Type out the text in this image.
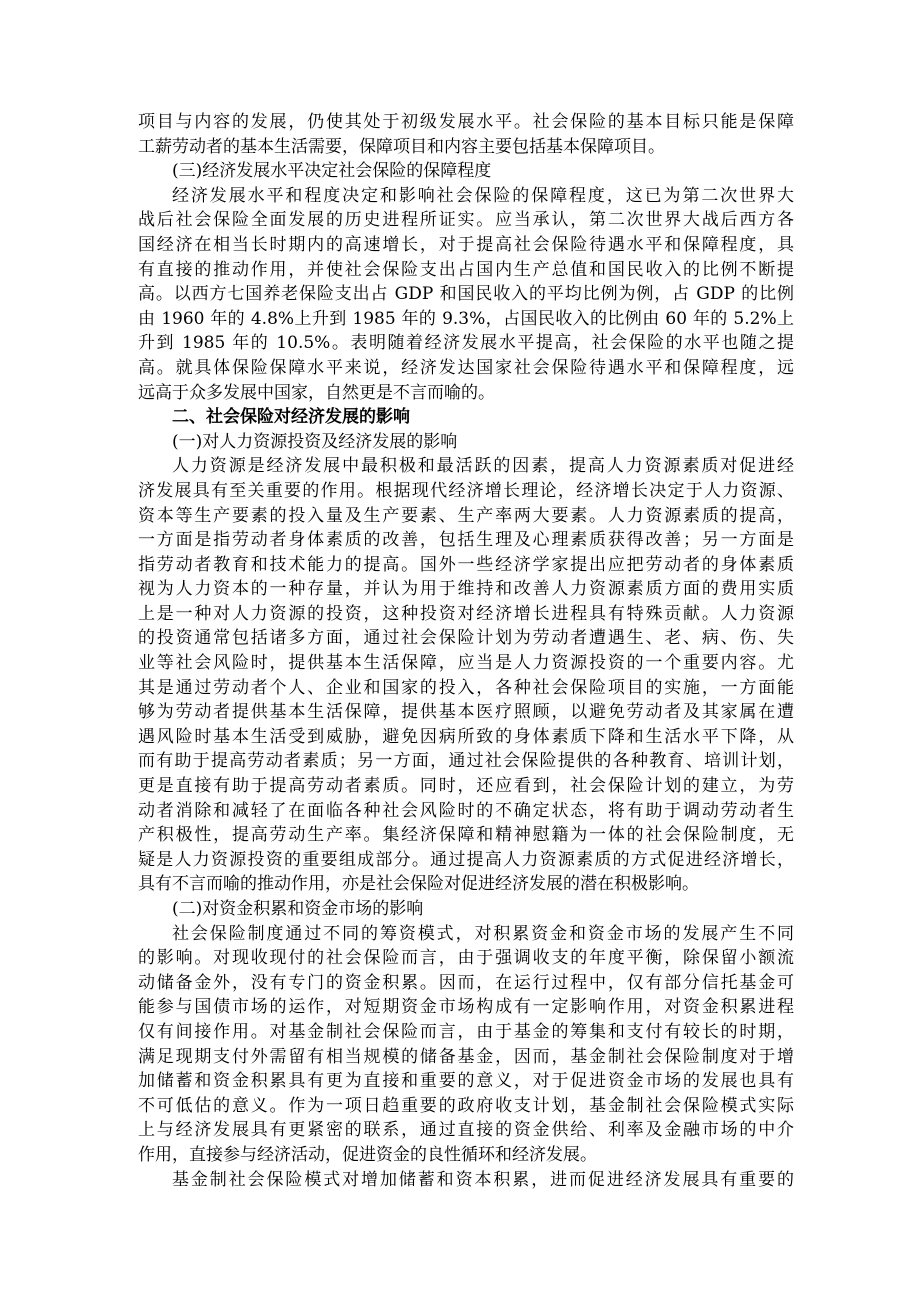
项目与内容的发展，仍使其处于初级发展水平。社会保险的基本目标只能是保障
工薪劳动者的基本生活需要，保障项目和内容主要包括基本保障项目。
(三)经济发展水平决定社会保险的保障程度
经济发展水平和程度决定和影响社会保险的保障程度，这已为第二次世界大
战后社会保险全面发展的历史进程所证实。应当承认，第二次世界大战后西方各
国经济在相当长时期内的高速增长，对于提高社会保险待遇水平和保障程度，具
有直接的推动作用，并使社会保险支出占国内生产总值和国民收入的比例不断提
高。以西方七国养老保险支出占 GDP 和国民收入的平均比例为例，占 GDP 的比例
由 1960 年的 4.8%上升到 1985 年的 9.3%，占国民收入的比例由 60 年的 5.2%上
升到 1985 年的 10.5%。表明随着经济发展水平提高，社会保险的水平也随之提
高。就具体保险保障水平来说，经济发达国家社会保险待遇水平和保障程度，远
远高于众多发展中国家，自然更是不言而喻的。
二、社会保险对经济发展的影响
(一)对人力资源投资及经济发展的影响
人力资源是经济发展中最积极和最活跃的因素，提高人力资源素质对促进经
济发展具有至关重要的作用。根据现代经济增长理论，经济增长决定于人力资源、
资本等生产要素的投入量及生产要素、生产率两大要素。人力资源素质的提高，
一方面是指劳动者身体素质的改善，包括生理及心理素质获得改善；另一方面是
指劳动者教育和技术能力的提高。国外一些经济学家提出应把劳动者的身体素质
视为人力资本的一种存量，并认为用于维持和改善人力资源素质方面的费用实质
上是一种对人力资源的投资，这种投资对经济增长进程具有特殊贡献。人力资源
的投资通常包括诸多方面，通过社会保险计划为劳动者遭遇生、老、病、伤、失
业等社会风险时，提供基本生活保障，应当是人力资源投资的一个重要内容。尤
其是通过劳动者个人、企业和国家的投入，各种社会保险项目的实施，一方面能
够为劳动者提供基本生活保障，提供基本医疗照顾，以避免劳动者及其家属在遭
遇风险时基本生活受到威胁，避免因病所致的身体素质下降和生活水平下降，从
而有助于提高劳动者素质；另一方面，通过社会保险提供的各种教育、培训计划，
更是直接有助于提高劳动者素质。同时，还应看到，社会保险计划的建立，为劳
动者消除和减轻了在面临各种社会风险时的不确定状态，将有助于调动劳动者生
产积极性，提高劳动生产率。集经济保障和精神慰籍为一体的社会保险制度，无
疑是人力资源投资的重要组成部分。通过提高人力资源素质的方式促进经济增长，
具有不言而喻的推动作用，亦是社会保险对促进经济发展的潜在积极影响。
(二)对资金积累和资金市场的影响
社会保险制度通过不同的筹资模式，对积累资金和资金市场的发展产生不同
的影响。对现收现付的社会保险而言，由于强调收支的年度平衡，除保留小额流
动储备金外，没有专门的资金积累。因而，在运行过程中，仅有部分信托基金可
能参与国债市场的运作，对短期资金市场构成有一定影响作用，对资金积累进程
仅有间接作用。对基金制社会保险而言，由于基金的筹集和支付有较长的时期，
满足现期支付外需留有相当规模的储备基金，因而，基金制社会保险制度对于增
加储蓄和资金积累具有更为直接和重要的意义，对于促进资金市场的发展也具有
不可低估的意义。作为一项日趋重要的政府收支计划，基金制社会保险模式实际
上与经济发展具有更紧密的联系，通过直接的资金供给、利率及金融市场的中介
作用，直接参与经济活动，促进资金的良性循环和经济发展。
基金制社会保险模式对增加储蓄和资本积累，进而促进经济发展具有重要的
